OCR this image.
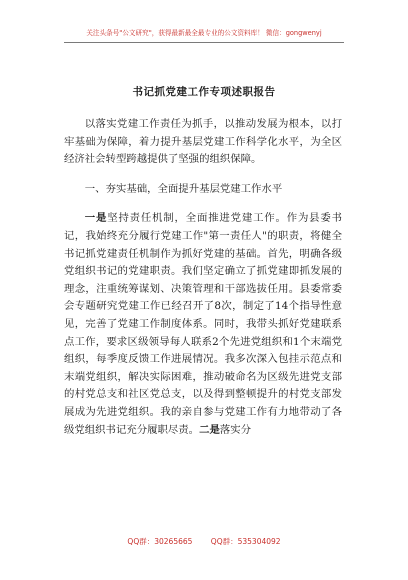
关注头条号"公文研究"，获得最新最全最专业的公文资料库！ 微信：gongwenyj
书记抓党建工作专项述职报告

以落实党建工作责任为抓手，以推动发展为根本，以打牢基础为保障，着力提升基层党建工作科学化水平，为全区经济社会转型跨越提供了坚强的组织保障。

一、夯实基础，全面提升基层党建工作水平

一是坚持责任机制，全面推进党建工作。作为县委书记，我始终充分履行党建工作"第一责任人"的职责，将健全书记抓党建责任机制作为抓好党建的基础。首先，明确各级党组织书记的党建职责。我们坚定确立了抓党建即抓发展的理念，注重统筹谋划、决策管理和干部选拔任用。县委常委会专题研究党建工作已经召开了8次，制定了14个指导性意见，完善了党建工作制度体系。同时，我带头抓好党建联系点工作，要求区级领导每人联系2个先进党组织和1个末端党组织，每季度反馈工作进展情况。我多次深入包挂示范点和末端党组织，解决实际困难，推动破命名为区级先进党支部的村党总支和社区党总支，以及得到整顿提升的村党支部发展成为先进党组织。我的亲自参与党建工作有力地带动了各级党组织书记充分履职尽责。二是落实分

QQ群：30265665 QQ群：535304092
